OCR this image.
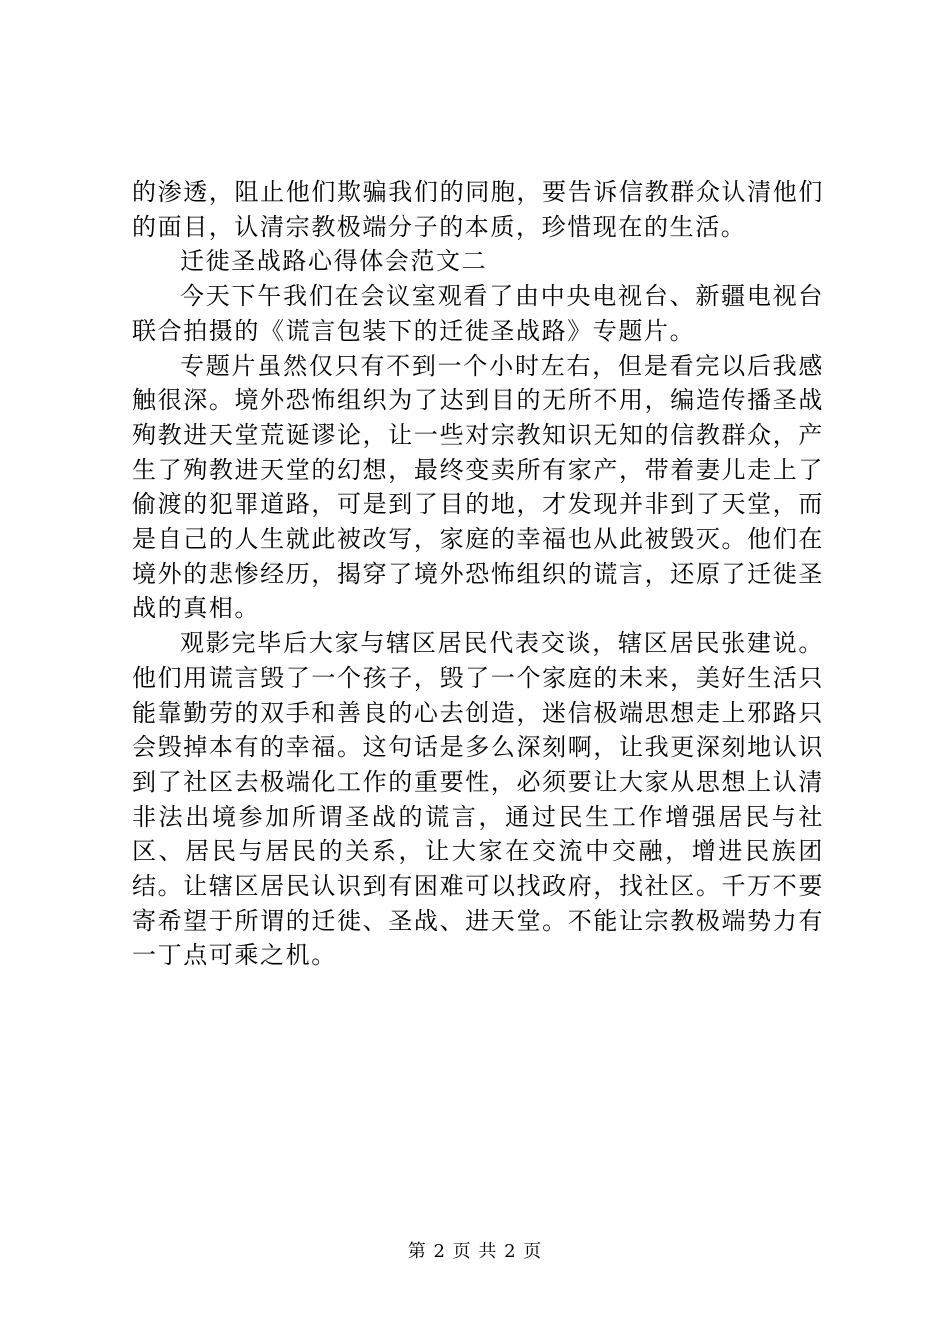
的渗透，阻止他们欺骗我们的同胞，要告诉信教群众认清他们的面目，认清宗教极端分子的本质，珍惜现在的生活。

迁徙圣战路心得体会范文二

今天下午我们在会议室观看了由中央电视台、新疆电视台联合拍摄的《谎言包装下的迁徙圣战路》专题片。

专题片虽然仅只有不到一个小时左右，但是看完以后我感触很深。境外恐怖组织为了达到目的无所不用，编造传播圣战殉教进天堂荒诞谬论，让一些对宗教知识无知的信教群众，产生了殉教进天堂的幻想，最终变卖所有家产，带着妻儿走上了偷渡的犯罪道路，可是到了目的地，才发现并非到了天堂，而是自己的人生就此被改写，家庭的幸福也从此被毁灭。他们在境外的悲惨经历，揭穿了境外恐怖组织的谎言，还原了迁徙圣战的真相。

观影完毕后大家与辖区居民代表交谈，辖区居民张建说。他们用谎言毁了一个孩子，毁了一个家庭的未来，美好生活只能靠勤劳的双手和善良的心去创造，迷信极端思想走上邪路只会毁掉本有的幸福。这句话是多么深刻啊，让我更深刻地认识到了社区去极端化工作的重要性，必须要让大家从思想上认清非法出境参加所谓圣战的谎言，通过民生工作增强居民与社区、居民与居民的关系，让大家在交流中交融，增进民族团结。让辖区居民认识到有困难可以找政府，找社区。千万不要寄希望于所谓的迁徙、圣战、进天堂。不能让宗教极端势力有一丁点可乘之机。

第 2 页 共 2 页
